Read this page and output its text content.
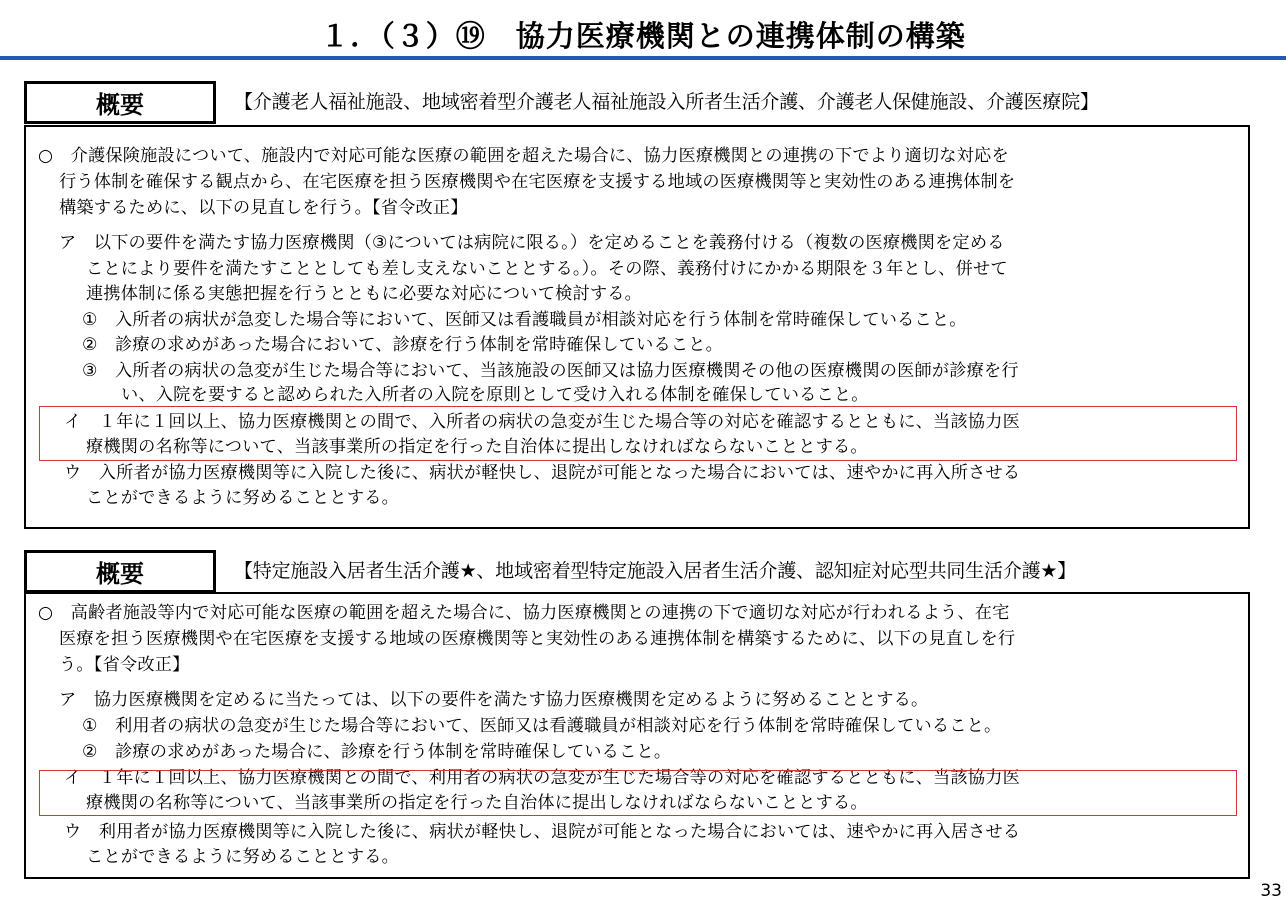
１．（３）⑲　協力医療機関との連携体制の構築
概要	【介護老人福祉施設、地域密着型介護老人福祉施設入所者生活介護、介護老人保健施設、介護医療院】
○　介護保険施設について、施設内で対応可能な医療の範囲を超えた場合に、協力医療機関との連携の下でより適切な対応を
行う体制を確保する観点から、在宅医療を担う医療機関や在宅医療を支援する地域の医療機関等と実効性のある連携体制を
構築するために、以下の見直しを行う。【省令改正】
ア　以下の要件を満たす協力医療機関（③については病院に限る。）を定めることを義務付ける（複数の医療機関を定める
ことにより要件を満たすこととしても差し支えないこととする。）。その際、義務付けにかかる期限を３年とし、併せて
連携体制に係る実態把握を行うとともに必要な対応について検討する。
①　入所者の病状が急変した場合等において、医師又は看護職員が相談対応を行う体制を常時確保していること。
②　診療の求めがあった場合において、診療を行う体制を常時確保していること。
③　入所者の病状の急変が生じた場合等において、当該施設の医師又は協力医療機関その他の医療機関の医師が診療を行
い、入院を要すると認められた入所者の入院を原則として受け入れる体制を確保していること。
イ　１年に１回以上、協力医療機関との間で、入所者の病状の急変が生じた場合等の対応を確認するとともに、当該協力医
療機関の名称等について、当該事業所の指定を行った自治体に提出しなければならないこととする。
ウ　入所者が協力医療機関等に入院した後に、病状が軽快し、退院が可能となった場合においては、速やかに再入所させる
ことができるように努めることとする。
概要	【特定施設入居者生活介護★、地域密着型特定施設入居者生活介護、認知症対応型共同生活介護★】
○　高齢者施設等内で対応可能な医療の範囲を超えた場合に、協力医療機関との連携の下で適切な対応が行われるよう、在宅
医療を担う医療機関や在宅医療を支援する地域の医療機関等と実効性のある連携体制を構築するために、以下の見直しを行
う。【省令改正】
ア　協力医療機関を定めるに当たっては、以下の要件を満たす協力医療機関を定めるように努めることとする。
①　利用者の病状の急変が生じた場合等において、医師又は看護職員が相談対応を行う体制を常時確保していること。
②　診療の求めがあった場合に、診療を行う体制を常時確保していること。
イ　１年に１回以上、協力医療機関との間で、利用者の病状の急変が生じた場合等の対応を確認するとともに、当該協力医
療機関の名称等について、当該事業所の指定を行った自治体に提出しなければならないこととする。
ウ　利用者が協力医療機関等に入院した後に、病状が軽快し、退院が可能となった場合においては、速やかに再入居させる
ことができるように努めることとする。
33
